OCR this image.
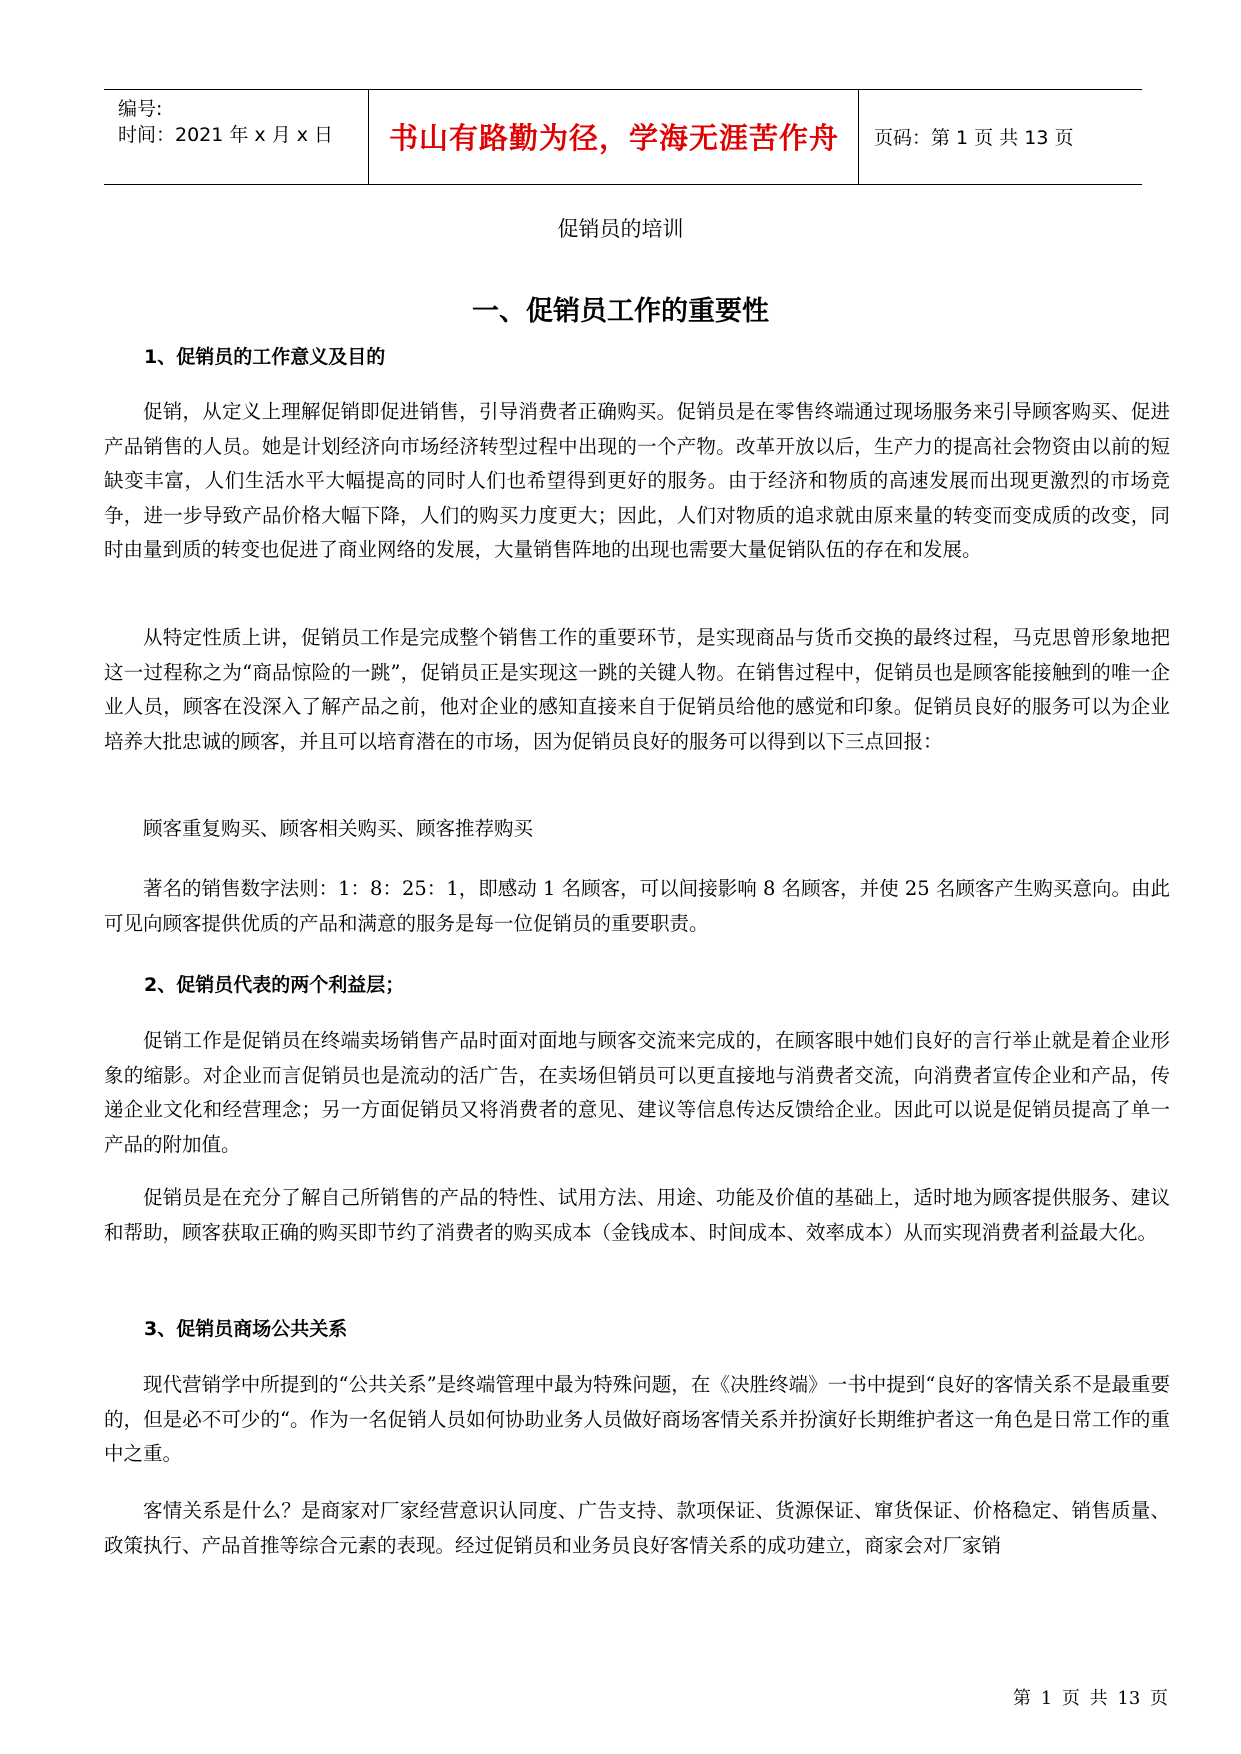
编号:
时间：2021 年 x 月 x 日	书山有路勤为径，学海无涯苦作舟	页码：第 1 页 共 13 页
促销员的培训
一、促销员工作的重要性
1、促销员的工作意义及目的
促销，从定义上理解促销即促进销售，引导消费者正确购买。促销员是在零售终端通过现场服务来引导顾客购买、促进产品销售的人员。她是计划经济向市场经济转型过程中出现的一个产物。改革开放以后，生产力的提高社会物资由以前的短缺变丰富，人们生活水平大幅提高的同时人们也希望得到更好的服务。由于经济和物质的高速发展而出现更激烈的市场竞争，进一步导致产品价格大幅下降，人们的购买力度更大；因此，人们对物质的追求就由原来量的转变而变成质的改变，同时由量到质的转变也促进了商业网络的发展，大量销售阵地的出现也需要大量促销队伍的存在和发展。
从特定性质上讲，促销员工作是完成整个销售工作的重要环节，是实现商品与货币交换的最终过程，马克思曾形象地把这一过程称之为“商品惊险的一跳”，促销员正是实现这一跳的关键人物。在销售过程中，促销员也是顾客能接触到的唯一企业人员，顾客在没深入了解产品之前，他对企业的感知直接来自于促销员给他的感觉和印象。促销员良好的服务可以为企业培养大批忠诚的顾客，并且可以培育潜在的市场，因为促销员良好的服务可以得到以下三点回报：
顾客重复购买、顾客相关购买、顾客推荐购买
著名的销售数字法则：1：8：25：1，即感动 1 名顾客，可以间接影响 8 名顾客，并使 25 名顾客产生购买意向。由此可见向顾客提供优质的产品和满意的服务是每一位促销员的重要职责。
2、促销员代表的两个利益层；
促销工作是促销员在终端卖场销售产品时面对面地与顾客交流来完成的，在顾客眼中她们良好的言行举止就是着企业形象的缩影。对企业而言促销员也是流动的活广告，在卖场但销员可以更直接地与消费者交流，向消费者宣传企业和产品，传递企业文化和经营理念；另一方面促销员又将消费者的意见、建议等信息传达反馈给企业。因此可以说是促销员提高了单一产品的附加值。
促销员是在充分了解自己所销售的产品的特性、试用方法、用途、功能及价值的基础上，适时地为顾客提供服务、建议和帮助，顾客获取正确的购买即节约了消费者的购买成本（金钱成本、时间成本、效率成本）从而实现消费者利益最大化。
3、促销员商场公共关系
现代营销学中所提到的“公共关系”是终端管理中最为特殊问题，在《决胜终端》一书中提到“良好的客情关系不是最重要的，但是必不可少的“。作为一名促销人员如何协助业务人员做好商场客情关系并扮演好长期维护者这一角色是日常工作的重中之重。
客情关系是什么？是商家对厂家经营意识认同度、广告支持、款项保证、货源保证、窜货保证、价格稳定、销售质量、政策执行、产品首推等综合元素的表现。经过促销员和业务员良好客情关系的成功建立，商家会对厂家销
第 1 页 共 13 页
